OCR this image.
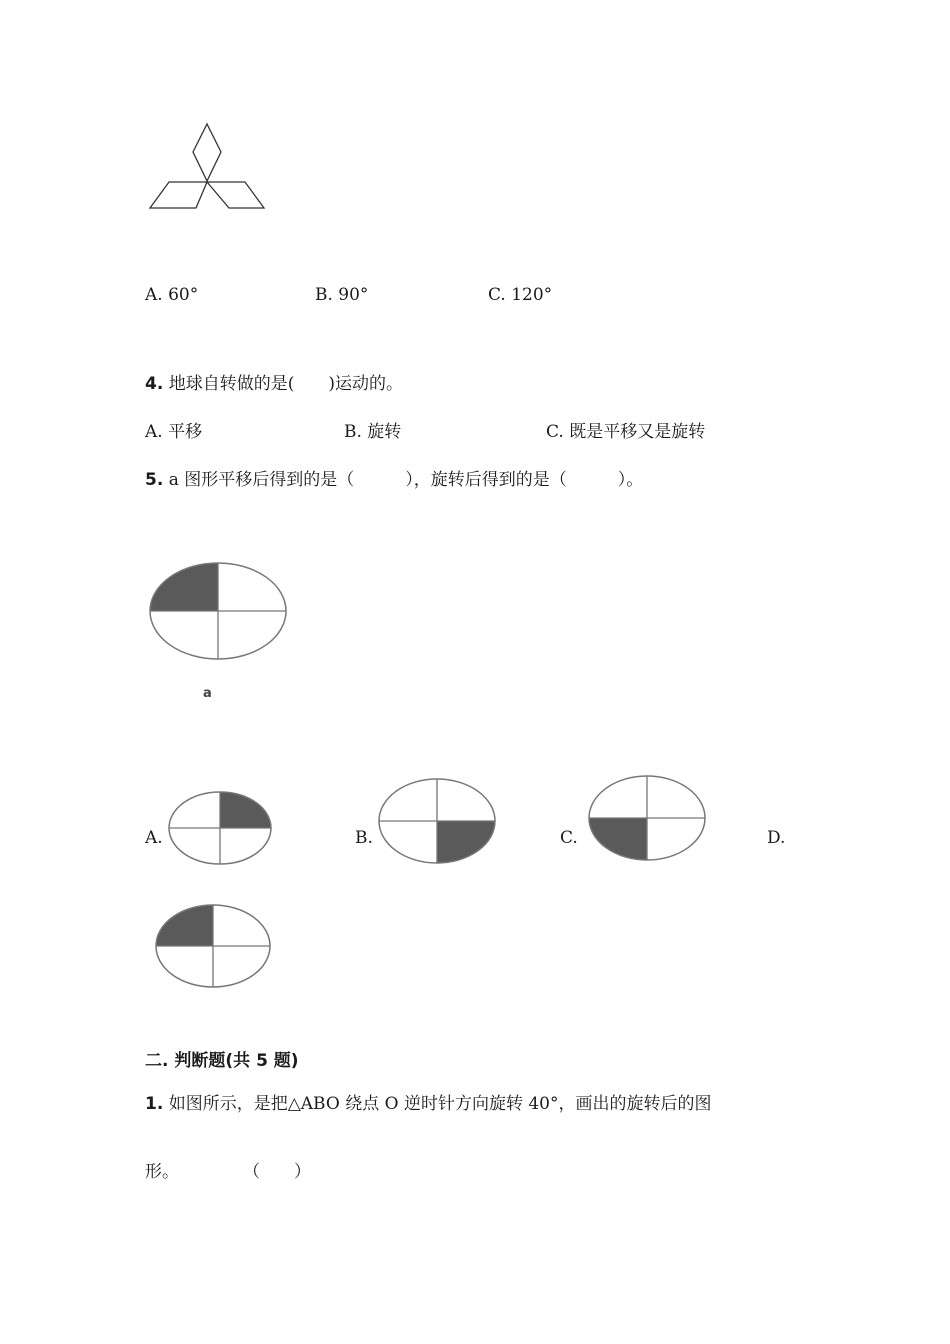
A. 60°	B. 90°	C. 120°
4. 地球自转做的是(　　)运动的。
A. 平移	B. 旋转	C. 既是平移又是旋转
5. a 图形平移后得到的是（　　　），旋转后得到的是（　　　）。
a
A.	B.	C.	D.
二. 判断题(共 5 题)
1. 如图所示，是把△ABO 绕点 O 逆时针方向旋转 40°，画出的旋转后的图
形。	（　　）
